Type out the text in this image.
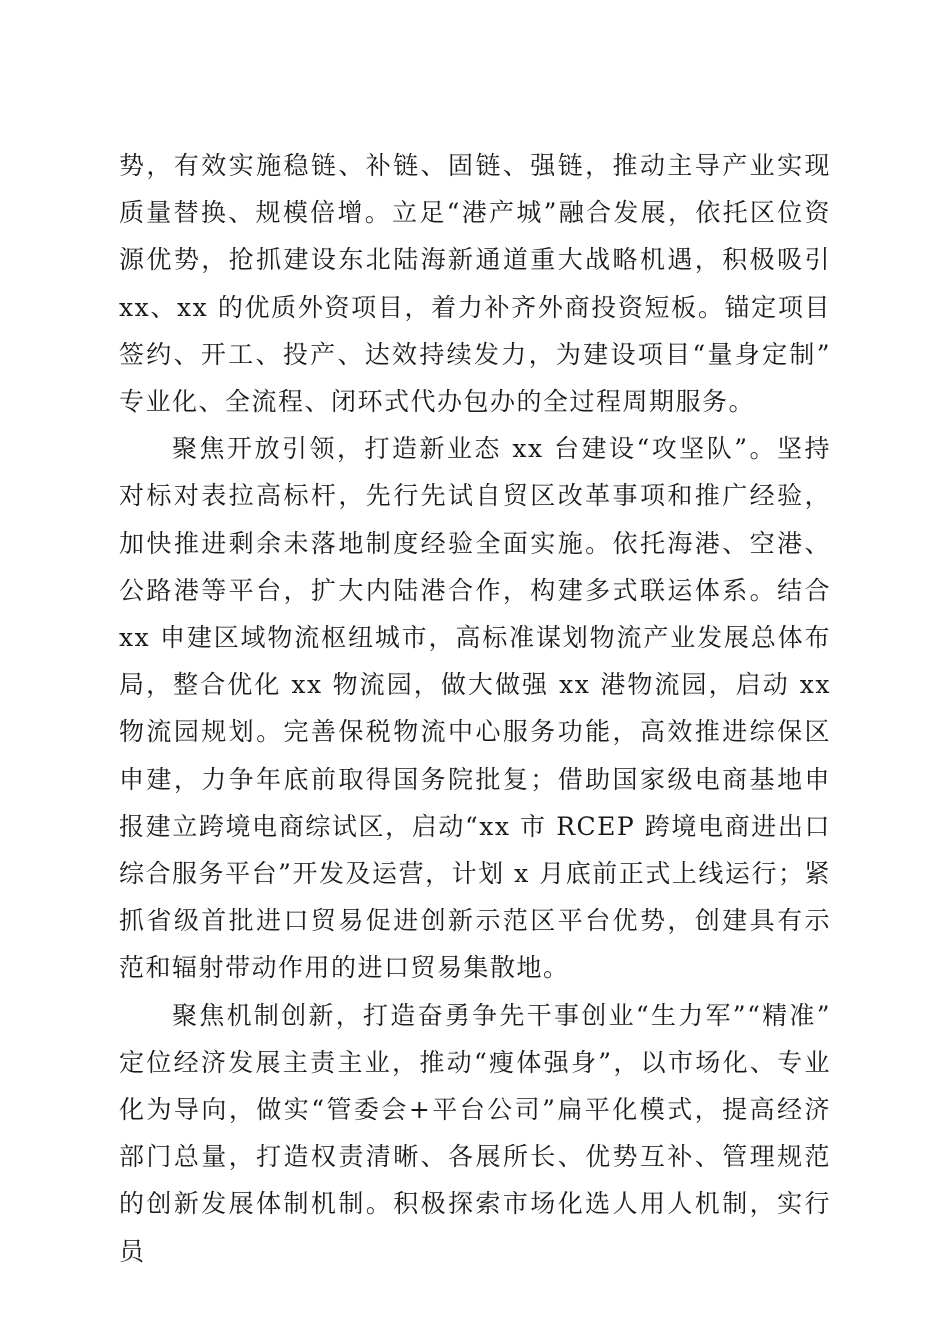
势，有效实施稳链、补链、固链、强链，推动主导产业实现质量替换、规模倍增。立足“港产城”融合发展，依托区位资源优势，抢抓建设东北陆海新通道重大战略机遇，积极吸引 xx、xx 的优质外资项目，着力补齐外商投资短板。锚定项目签约、开工、投产、达效持续发力，为建设项目“量身定制”专业化、全流程、闭环式代办包办的全过程周期服务。

聚焦开放引领，打造新业态 xx 台建设“攻坚队”。坚持对标对表拉高标杆，先行先试自贸区改革事项和推广经验，加快推进剩余未落地制度经验全面实施。依托海港、空港、公路港等平台，扩大内陆港合作，构建多式联运体系。结合 xx 申建区域物流枢纽城市，高标准谋划物流产业发展总体布局，整合优化 xx 物流园，做大做强 xx 港物流园，启动 xx 物流园规划。完善保税物流中心服务功能，高效推进综保区申建，力争年底前取得国务院批复；借助国家级电商基地申报建立跨境电商综试区，启动“xx 市 RCEP 跨境电商进出口综合服务平台”开发及运营，计划 x 月底前正式上线运行；紧抓省级首批进口贸易促进创新示范区平台优势，创建具有示范和辐射带动作用的进口贸易集散地。

聚焦机制创新，打造奋勇争先干事创业“生力军”“精准”定位经济发展主责主业，推动“瘦体强身”，以市场化、专业化为导向，做实“管委会+平台公司”扁平化模式，提高经济部门总量，打造权责清晰、各展所长、优势互补、管理规范的创新发展体制机制。积极探索市场化选人用人机制，实行员
